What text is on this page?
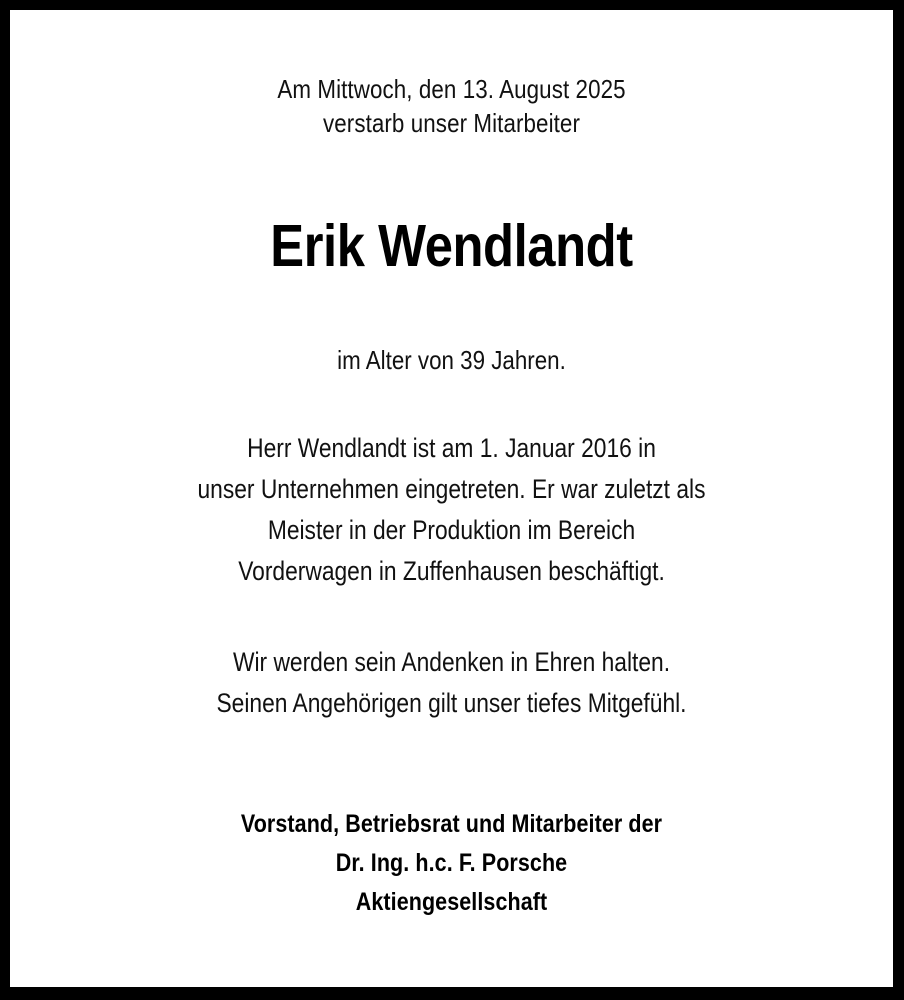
Am Mittwoch, den 13. August 2025
verstarb unser Mitarbeiter
Erik Wendlandt
im Alter von 39 Jahren.
Herr Wendlandt ist am 1. Januar 2016 in
unser Unternehmen eingetreten. Er war zuletzt als
Meister in der Produktion im Bereich
Vorderwagen in Zuffenhausen beschäftigt.
Wir werden sein Andenken in Ehren halten.
Seinen Angehörigen gilt unser tiefes Mitgefühl.
Vorstand, Betriebsrat und Mitarbeiter der
Dr. Ing. h.c. F. Porsche
Aktiengesellschaft
